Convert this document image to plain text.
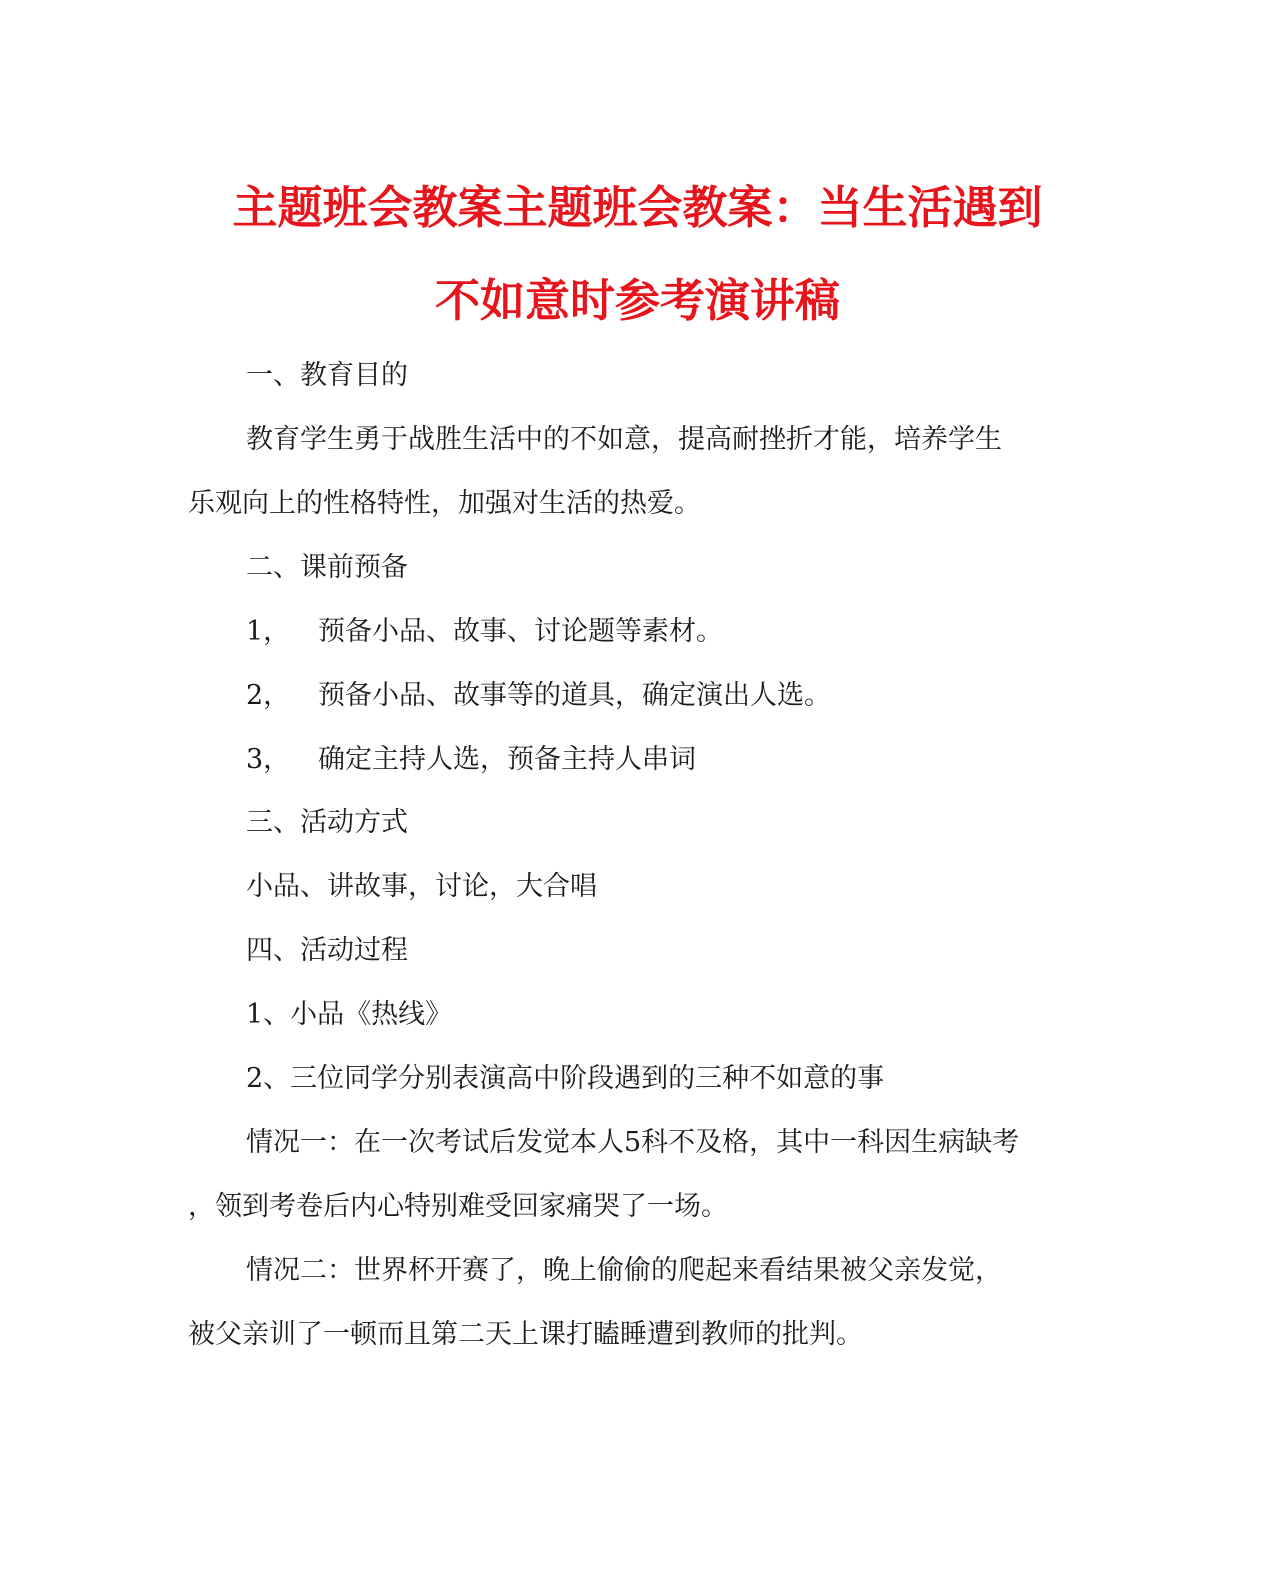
主题班会教案主题班会教案：当生活遇到
不如意时参考演讲稿
一、教育目的
教育学生勇于战胜生活中的不如意，提高耐挫折才能，培养学生
乐观向上的性格特性，加强对生活的热爱。
二、课前预备
1， 预备小品、故事、讨论题等素材。
2， 预备小品、故事等的道具，确定演出人选。
3， 确定主持人选，预备主持人串词
三、活动方式
小品、讲故事，讨论，大合唱
四、活动过程
1、小品《热线》
2、三位同学分别表演高中阶段遇到的三种不如意的事
情况一：在一次考试后发觉本人5科不及格，其中一科因生病缺考
，领到考卷后内心特别难受回家痛哭了一场。
情况二：世界杯开赛了，晚上偷偷的爬起来看结果被父亲发觉，
被父亲训了一顿而且第二天上课打瞌睡遭到教师的批判。
